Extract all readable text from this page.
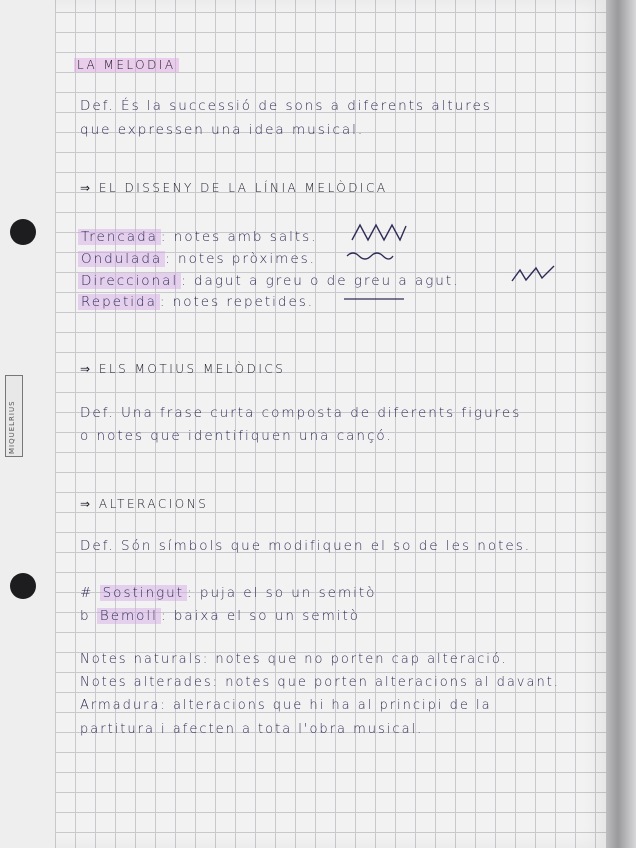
MIQUELRIUS
LA MELODIA
Def. És la successió de sons a diferents altures
que expressen una idea musical.
⇒ EL DISSENY DE LA LÍNIA MELÒDICA
Trencada : notes amb salts.
Ondulada : notes pròximes.
Direccional : dagut a greu o de greu a agut.
Repetida : notes repetides.
⇒ ELS MOTIUS MELÒDICS
Def. Una frase curta composta de diferents figures
o notes que identifiquen una cançó.
⇒ ALTERACIONS
Def. Són símbols que modifiquen el so de les notes.
# Sostingut : puja el so un semitò
b Bemoll : baixa el so un semitò
Notes naturals: notes que no porten cap alteració.
Notes alterades: notes que porten alteracions al davant.
Armadura: alteracions que hi ha al principi de la
partitura i afecten a tota l'obra musical.
